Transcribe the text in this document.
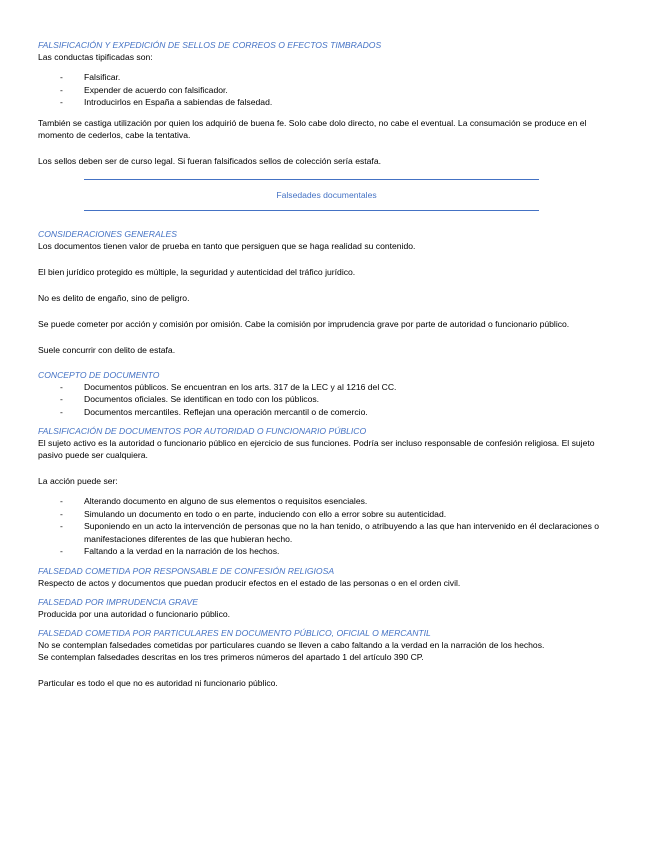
FALSIFICACIÓN Y EXPEDICIÓN DE SELLOS DE CORREOS O EFECTOS TIMBRADOS

Las conductas tipificadas son:

- Falsificar.
- Expender de acuerdo con falsificador.
- Introducirlos en España a sabiendas de falsedad.

También se castiga utilización por quien los adquirió de buena fe. Solo cabe dolo directo, no cabe el eventual. La consumación se produce en el momento de cederlos, cabe la tentativa.

Los sellos deben ser de curso legal. Si fueran falsificados sellos de colección sería estafa.

Falsedades documentales

CONSIDERACIONES GENERALES

Los documentos tienen valor de prueba en tanto que persiguen que se haga realidad su contenido.

El bien jurídico protegido es múltiple, la seguridad y autenticidad del tráfico jurídico.

No es delito de engaño, sino de peligro.

Se puede cometer por acción y comisión por omisión. Cabe la comisión por imprudencia grave por parte de autoridad o funcionario público.

Suele concurrir con delito de estafa.

CONCEPTO DE DOCUMENTO

- Documentos públicos. Se encuentran en los arts. 317 de la LEC y al 1216 del CC.
- Documentos oficiales. Se identifican en todo con los públicos.
- Documentos mercantiles. Reflejan una operación mercantil o de comercio.

FALSIFICACIÓN DE DOCUMENTOS POR AUTORIDAD O FUNCIONARIO PÚBLICO

El sujeto activo es la autoridad o funcionario público en ejercicio de sus funciones. Podría ser incluso responsable de confesión religiosa. El sujeto pasivo puede ser cualquiera.

La acción puede ser:

- Alterando documento en alguno de sus elementos o requisitos esenciales.
- Simulando un documento en todo o en parte, induciendo con ello a error sobre su autenticidad.
- Suponiendo en un acto la intervención de personas que no la han tenido, o atribuyendo a las que han intervenido en él declaraciones o manifestaciones diferentes de las que hubieran hecho.
- Faltando a la verdad en la narración de los hechos.

FALSEDAD COMETIDA POR RESPONSABLE DE CONFESIÓN RELIGIOSA

Respecto de actos y documentos que puedan producir efectos en el estado de las personas o en el orden civil.

FALSEDAD POR IMPRUDENCIA GRAVE

Producida por una autoridad o funcionario público.

FALSEDAD COMETIDA POR PARTICULARES EN DOCUMENTO PÚBLICO, OFICIAL O MERCANTIL

No se contemplan falsedades cometidas por particulares cuando se lleven a cabo faltando a la verdad en la narración de los hechos.

Se contemplan falsedades descritas en los tres primeros números del apartado 1 del artículo 390 CP.

Particular es todo el que no es autoridad ni funcionario público.
